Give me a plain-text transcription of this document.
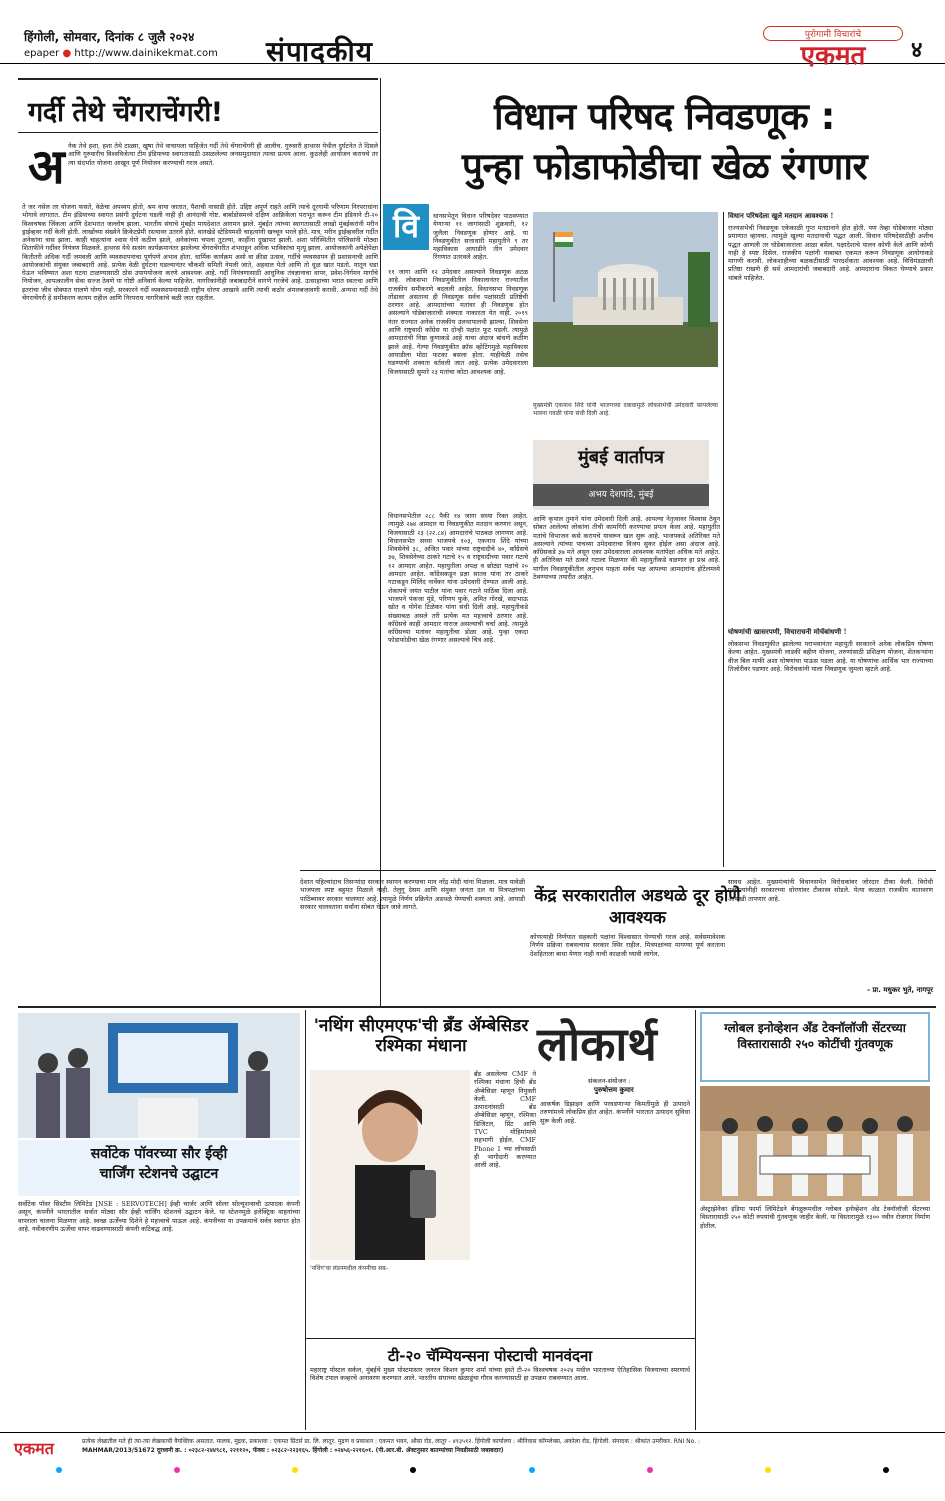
हिंगोली, सोमवार, दिनांक ८ जुलै २०२४
epaper ● http://www.dainikekmat.com संपादकीय	पुरोगामी विचारांचे
एकमत	४
गर्दी तेथे चेंगराचेंगरी!
अ नेक तेथे हशा, हशा तेथे टाळ्या, खुषा तेथे वाचायला पाहिजेत गर्दी तेथे चेंगराचेंगरी ही आलीच. गुरुवारी हाथरस येथील दुर्घटनेत ते दिसले आणि गुरुवारीच विश्वविजेत्या टीम इंडियाच्या स्वागतासाठी उसळलेल्या जनसमुदायात त्याचा प्रत्यय आला. कुठलेही आयोजन करायचे तर त्या संदर्भात योजना आखून पूर्ण नियोजन करण्याची गरज असते.
ते जर नसेल तर योजना फसते, वेळेचा अपव्यय होतो, श्रम वाया जातात, पैशाची नासाडी होते. उद्दिष्ट अपूर्ण राहते आणि त्याचे दूरगामी परिणाम निरपराधांना भोगावे लागतात. टीम इंडियाच्या स्वागत प्रसंगी दुर्घटना घडली नाही ही आनंदाची गोष्ट. बार्बाडोसमध्ये दक्षिण आफ्रिकेला पराभूत करून टीम इंडियाने टी-२० विश्वचषक जिंकला आणि देशभरात जल्लोष झाला. भारतीय संघाचे मुंबईत मायदेशात आगमन झाले. मुंबईत त्यांच्या स्वागतासाठी लाखो मुंबईकरांनी मरीन ड्राईव्हवर गर्दी केली होती. लाखोंच्या संख्येने क्रिकेटप्रेमी रस्त्यावर उतरले होते. वानखेडे स्टेडियमशी चाहत्यांनी खच्चून भरले होते. मात्र, मरीन ड्राईव्हवरील गर्दीत अनेकांना त्रास झाला. काही चाहत्यांना श्वास घेणे कठीण झाले, अनेकांच्या चपला तुटल्या, काहींना दुखापत झाली. अशा परिस्थितीत पोलिसांनी मोठ्या शिताफीने गर्दीवर नियंत्रण मिळवले. हाथरस येथे सत्संग कार्यक्रमानंतर झालेल्या चेंगराचेंगरीत शंभराहून अधिक भाविकांचा मृत्यू झाला. आयोजकांनी अपेक्षेपेक्षा कितीतरी अधिक गर्दी जमवली आणि व्यवस्थापनाचा पूर्णपणे अभाव होता. धार्मिक कार्यक्रम असो वा क्रीडा उत्सव, गर्दीचे व्यवस्थापन ही प्रशासनाची आणि आयोजकांची संयुक्त जबाबदारी आहे. प्रत्येक वेळी दुर्घटना घडल्यानंतर चौकशी समिती नेमली जाते, अहवाल येतो आणि तो धूळ खात पडतो. यातून धडा घेऊन भविष्यात अशा घटना टाळण्यासाठी ठोस उपाययोजना करणे आवश्यक आहे. गर्दी नियंत्रणासाठी आधुनिक तंत्रज्ञानाचा वापर, प्रवेश-निर्गमन मार्गांचे नियोजन, आपत्कालीन सेवा सज्ज ठेवणे या गोष्टी अनिवार्य केल्या पाहिजेत. नागरिकांनीही जबाबदारीने वागणे गरजेचे आहे. उत्साहाच्या भरात स्वतःचा आणि इतरांचा जीव धोक्यात घालणे योग्य नाही. सरकारने गर्दी व्यवस्थापनासाठी राष्ट्रीय धोरण आखावे आणि त्याची कठोर अंमलबजावणी करावी. अन्यथा गर्दी तेथे चेंगराचेंगरी हे समीकरण कायम राहील आणि निरपराध नागरिकांचे बळी जात राहतील.
विधान परिषद निवडणूक :
पुन्हा फोडाफोडीचा खेळ रंगणार
वि	धानसभेतून विधान परिषदेवर पाठवण्यात येणाऱ्या ११ जागांसाठी शुक्रवारी, १२ जुलैला निवडणूक होणार आहे. या निवडणुकीत सत्ताधारी महायुतीने ९ तर महाविकास आघाडीने तीन उमेदवार रिंगणात उतरवले आहेत.
११ जागा आणि १२ उमेदवार असल्याने निवडणूक अटळ आहे. लोकसभा निवडणुकीतील निकालानंतर राज्यातील राजकीय समीकरणे बदलली आहेत. विधानसभा निवडणूक तोंडावर असताना ही निवडणूक सर्वच पक्षांसाठी प्रतिष्ठेची ठरणार आहे. आमदारांच्या मतांवर ही निवडणूक होत असल्याने घोडेबाजाराची शक्यता नाकारता येत नाही. २०१९ नंतर राज्यात अनेक राजकीय उलथापालथी झाल्या. शिवसेना आणि राष्ट्रवादी काँग्रेस या दोन्ही पक्षांत फूट पडली. त्यामुळे आमदारांची निष्ठा कुणाकडे आहे याचा अंदाज बांधणे कठीण झाले आहे. गेल्या निवडणुकीत क्रॉस व्होटिंगमुळे महाविकास आघाडीला मोठा फटका बसला होता. याहीवेळी तसेच घडण्याची शक्यता वर्तवली जात आहे. प्रत्येक उमेदवाराला विजयासाठी सुमारे २३ मतांचा कोटा आवश्यक आहे.
विधानसभेतील २८८ पैकी १४ जागा सध्या रिक्त आहेत. त्यामुळे २७४ आमदार या निवडणुकीत मतदान करणार असून, विजयासाठी २३ (२२.८४) आमदारांचे पाठबळ लागणार आहे. विधानसभेत सध्या भाजपचे १०३, एकनाथ शिंदे यांच्या शिवसेनेचे ३८, अजित पवार यांच्या राष्ट्रवादीचे ४०, काँग्रेसचे ३७, शिवसेनेच्या ठाकरे गटाचे १५ व राष्ट्रवादीच्या पवार गटाचे १२ आमदार आहेत. महायुतीला अपक्ष व छोट्या पक्षांचे २० आमदार आहेत. काँग्रेसकडून प्रज्ञा सातव यांना तर ठाकरे गटाकडून मिलिंद नार्वेकर यांना उमेदवारी देण्यात आली आहे. शेकापचे जयंत पाटील यांना पवार गटाने पाठिंबा दिला आहे. भाजपने पंकजा मुंडे, परिणय फुके, अमित गोरखे, सदाभाऊ खोत व योगेश टिळेकर यांना संधी दिली आहे. महायुतीकडे संख्याबळ असले तरी प्रत्येक मत महत्त्वाचे ठरणार आहे. काँग्रेसचे काही आमदार नाराज असल्याची चर्चा आहे. त्यामुळे काँग्रेसच्या मतांवर महायुतीचा डोळा आहे. पुन्हा एकदा फोडाफोडीचा खेळ रंगणार असल्याचे चित्र आहे.
मुख्यमंत्री एकनाथ शिंदे यांनी भाजपच्या दबावामुळे लोकसभेची उमेदवारी कापलेल्या भावना गवळी यांना संधी दिली आहे.
मुंबई वार्तापत्र
अभय देशपांडे, मुंबई
आणि कृपाल तुमाने यांना उमेदवारी दिली आहे. आपल्या नेतृत्वावर विश्वास ठेवून सोबत आलेल्या लोकांना तीची कामगिरी करण्याचा प्रयत्न केला आहे. महायुतीत मतांचे विभाजन कसे करायचे यावरून खल सुरू आहे. भाजपकडे अतिरिक्त मते असल्याने त्यांच्या पाचव्या उमेदवाराचा विजय सुकर होईल असा अंदाज आहे. काँग्रेसकडे ३७ मते असून एका उमेदवाराला आवश्यक मतांपेक्षा अधिक मते आहेत. ही अतिरिक्त मते ठाकरे गटाला मिळणार की महायुतीकडे वळणार हा प्रश्न आहे. मागील निवडणुकीतील अनुभव पाहता सर्वच पक्ष आपल्या आमदारांना हॉटेलमध्ये ठेवण्याच्या तयारीत आहेत.
विधान परिषदेला खुले मतदान आवश्यक !
राज्यसभेची निवडणूक एकेकाळी गुप्त मतदानाने होत होती. पण तेव्हा घोडेबाजार मोठ्या प्रमाणात व्हायचा. त्यामुळे खुल्या मतदानाची पद्धत आली. विधान परिषदेसाठीही अशीच पद्धत आणली तर घोडेबाजाराला आळा बसेल. पक्षादेशाचे पालन कोणी केले आणि कोणी नाही हे स्पष्ट दिसेल. राजकीय पक्षांनी याबाबत एकमत करून निवडणूक आयोगाकडे मागणी करावी. लोकशाहीच्या बळकटीसाठी पारदर्शकता आवश्यक आहे. विधिमंडळाची प्रतिष्ठा राखणे ही सर्व आमदारांची जबाबदारी आहे. आमदारांना विकत घेण्याचे प्रकार थांबले पाहिजेत.
घोषणांची खासरपणी, विचाराचनी मोर्चेबांधणी !
लोकसभा निवडणुकीत झालेल्या पराभवानंतर महायुती सरकारने अनेक लोकप्रिय घोषणा केल्या आहेत. मुख्यमंत्री लाडकी बहीण योजना, तरुणांसाठी प्रशिक्षण योजना, शेतकऱ्यांना वीज बिल माफी अशा घोषणांचा पाऊस पडला आहे. या घोषणांचा आर्थिक भार राज्याच्या तिजोरीवर पडणार आहे. विरोधकांनी याला निवडणूक जुमला म्हटले आहे.
देशात पहिल्यांदाच तिसऱ्यांदा सरकार स्थापन करण्याचा मान नरेंद्र मोदी यांना मिळाला. मात्र यावेळी भाजपला स्पष्ट बहुमत मिळाले नाही. तेलुगू देसम आणि संयुक्त जनता दल या मित्रपक्षांच्या पाठिंब्यावर सरकार चालणार आहे. त्यामुळे निर्णय प्रक्रियेत अडथळे येण्याची शक्यता आहे. आघाडी सरकार चालवताना सर्वांना सोबत घेऊन जावे लागते.
केंद्र सरकारातील अडथळे दूर होणे आवश्यक
कोणत्याही निर्णयात सहकारी पक्षांना विश्वासात घेण्याची गरज आहे. सर्वसमावेशक निर्णय प्रक्रिया राबवल्यास सरकार स्थिर राहील. मित्रपक्षांच्या मागण्या पूर्ण करताना देशहिताला बाधा येणार नाही याची काळजी घ्यावी लागेल.
सावध आहेत. मुख्यमंत्र्यांनी विधानसभेत विरोधकांवर जोरदार टीका केली. विरोधी पक्षनेत्यांनीही सरकारच्या धोरणांवर टीकास्त्र सोडले. येत्या काळात राजकीय वातावरण आणखी तापणार आहे.
- प्रा. मधुकर भुते, नागपूर
सर्वोटेक पॉवरच्या सौर ईव्ही
चार्जिंग स्टेशनचे उद्घाटन
सर्वोटेक पॉवर सिस्टीम लिमिटेड [NSE : SERVOTECH] ईव्ही चार्जर आणि सोलर सोल्यूशन्सची उत्पादक कंपनी असून, कंपनीने भारतातील सर्वात मोठ्या सौर ईव्ही चार्जिंग स्टेशनचे उद्घाटन केले. या स्टेशनमुळे इलेक्ट्रिक वाहनांच्या वापराला चालना मिळणार आहे. स्वच्छ ऊर्जेच्या दिशेने हे महत्त्वाचे पाऊल आहे. कंपनीच्या या उपक्रमाचे सर्वत्र स्वागत होत आहे. नवीकरणीय ऊर्जेचा वापर वाढवण्यासाठी कंपनी कटिबद्ध आहे.
'नथिंग सीएमएफ'ची ब्रँड ॲम्बेसिडर रश्मिका मंधाना
'नथिंग'चा लंडनमधील कंपनीचा सब-
ब्रँड असलेल्या CMF ने रश्मिका मंधाना हिची ब्रँड ॲम्बेसिडर म्हणून नियुक्ती केली. CMF उत्पादनांसाठी ब्रँड ॲम्बेसिडर म्हणून, रश्मिका डिजिटल, प्रिंट आणि TVC मोहिमांमध्ये सहभागी होईल. CMF Phone 1 च्या लाँचसाठी ही भागीदारी करण्यात आली आहे.
लोकार्थ
संकलन-संयोजन :
पुरुषोत्तम कुमार
आकर्षक डिझाइन आणि परवडणाऱ्या किमतीमुळे ही उत्पादने तरुणांमध्ये लोकप्रिय होत आहेत. कंपनीने भारतात उत्पादन सुविधा सुरू केली आहे.
ग्लोबल इनोव्हेशन ॲंड टेक्नॉलॉजी सेंटरच्या विस्तारासाठी २५० कोटींची गुंतवणूक
ॲस्ट्राझेनेका इंडिया फार्मा लिमिटेडने बेंगळुरूमधील ग्लोबल इनोव्हेशन ॲंड टेक्नॉलॉजी सेंटरच्या विस्तारासाठी २५० कोटी रुपयांची गुंतवणूक जाहीर केली. या विस्तारामुळे १३०० नवीन रोजगार निर्माण होतील.
टी-२० चॅम्पियन्सना पोस्टाची मानवंदना
महाराष्ट्र पोस्टल सर्कल, मुंबईचे मुख्य पोस्टमास्तर जनरल किशन कुमार शर्मा यांच्या हस्ते टी-२० विश्वचषक २०२४ मधील भारताच्या ऐतिहासिक विजयाच्या स्मरणार्थ विशेष टपाल कव्हरचे अनावरण करण्यात आले. भारतीय संघाच्या खेळाडूंचा गौरव करण्यासाठी हा उपक्रम राबवण्यात आला.
एकमत	प्रत्येक लेखातील मते ही त्या-त्या लेखकाची वैयक्तिक असतात. मालक, मुद्रक, प्रकाशक : एकमत प्रिंटर्स प्रा. लि. लातूर. मुद्रण व प्रकाशन : एकमत भवन, औसा रोड, लातूर - ४१३५१२. हिंगोली कार्यालय : श्रीनिवास कॉम्प्लेक्स, अकोला रोड, हिंगोली. संपादक : श्रीकांत उमरीकर. RNI No. :
MAHMAR/2013/51672 दूरध्वनी क्र. : ०२३८२-२४४९८१, २२११२०, फॅक्स : ०२३८२-२२३१६५. हिंगोली : ०२४५६-२२१६०१. (पी.आर.बी. ॲक्टनुसार बातम्यांच्या निवडीसाठी जबाबदार)
